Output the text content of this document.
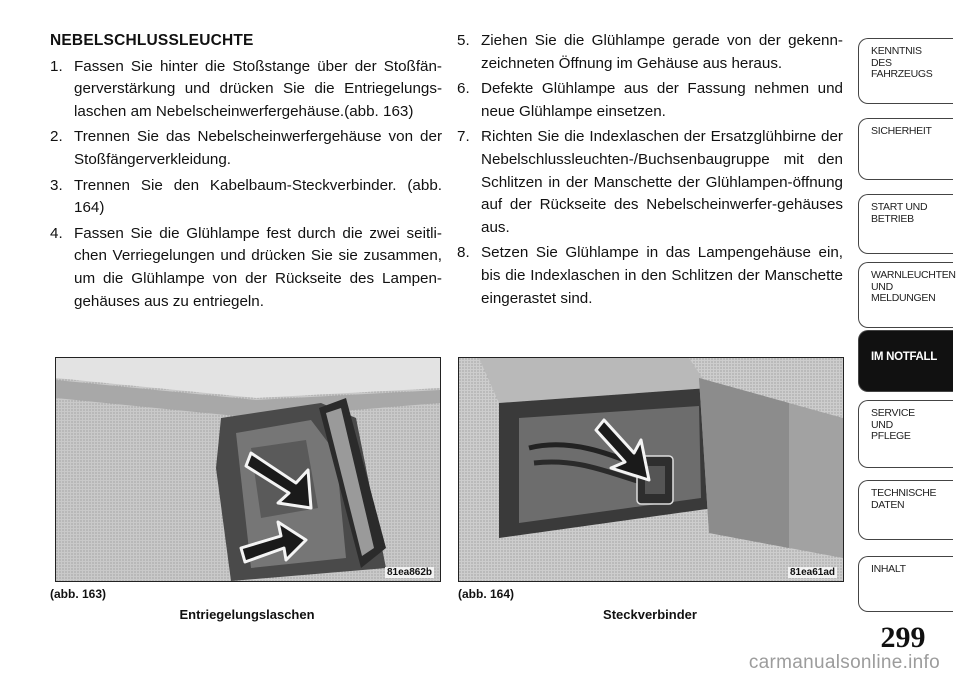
NEBELSCHLUSSLEUCHTE
1. Fassen Sie hinter die Stoßstange über der Stoßfän-gerverstärkung und drücken Sie die Entriegelungs-laschen am Nebelscheinwerfergehäuse.(abb. 163)
2. Trennen Sie das Nebelscheinwerfergehäuse von der Stoßfängerverkleidung.
3. Trennen Sie den Kabelbaum-Steckverbinder. (abb. 164)
4. Fassen Sie die Glühlampe fest durch die zwei seitli-chen Verriegelungen und drücken Sie sie zusammen, um die Glühlampe von der Rückseite des Lampen-gehäuses aus zu entriegeln.
5. Ziehen Sie die Glühlampe gerade von der gekenn-zeichneten Öffnung im Gehäuse aus heraus.
6. Defekte Glühlampe aus der Fassung nehmen und neue Glühlampe einsetzen.
7. Richten Sie die Indexlaschen der Ersatzglühbirne der Nebelschlussleuchten-/Buchsenbaugruppe mit den Schlitzen in der Manschette der Glühlampen-öffnung auf der Rückseite des Nebelscheinwerfer-gehäuses aus.
8. Setzen Sie Glühlampe in das Lampengehäuse ein, bis die Indexlaschen in den Schlitzen der Manschette eingerastet sind.
81ea862b
(abb. 163)
Entriegelungslaschen
81ea61ad
(abb. 164)
Steckverbinder
KENNTNIS
DES
FAHRZEUGS
SICHERHEIT
START UND
BETRIEB
WARNLEUCHTEN
UND
MELDUNGEN
IM NOTFALL
SERVICE
UND
PFLEGE
TECHNISCHE
DATEN
INHALT
299
carmanualsonline.info
